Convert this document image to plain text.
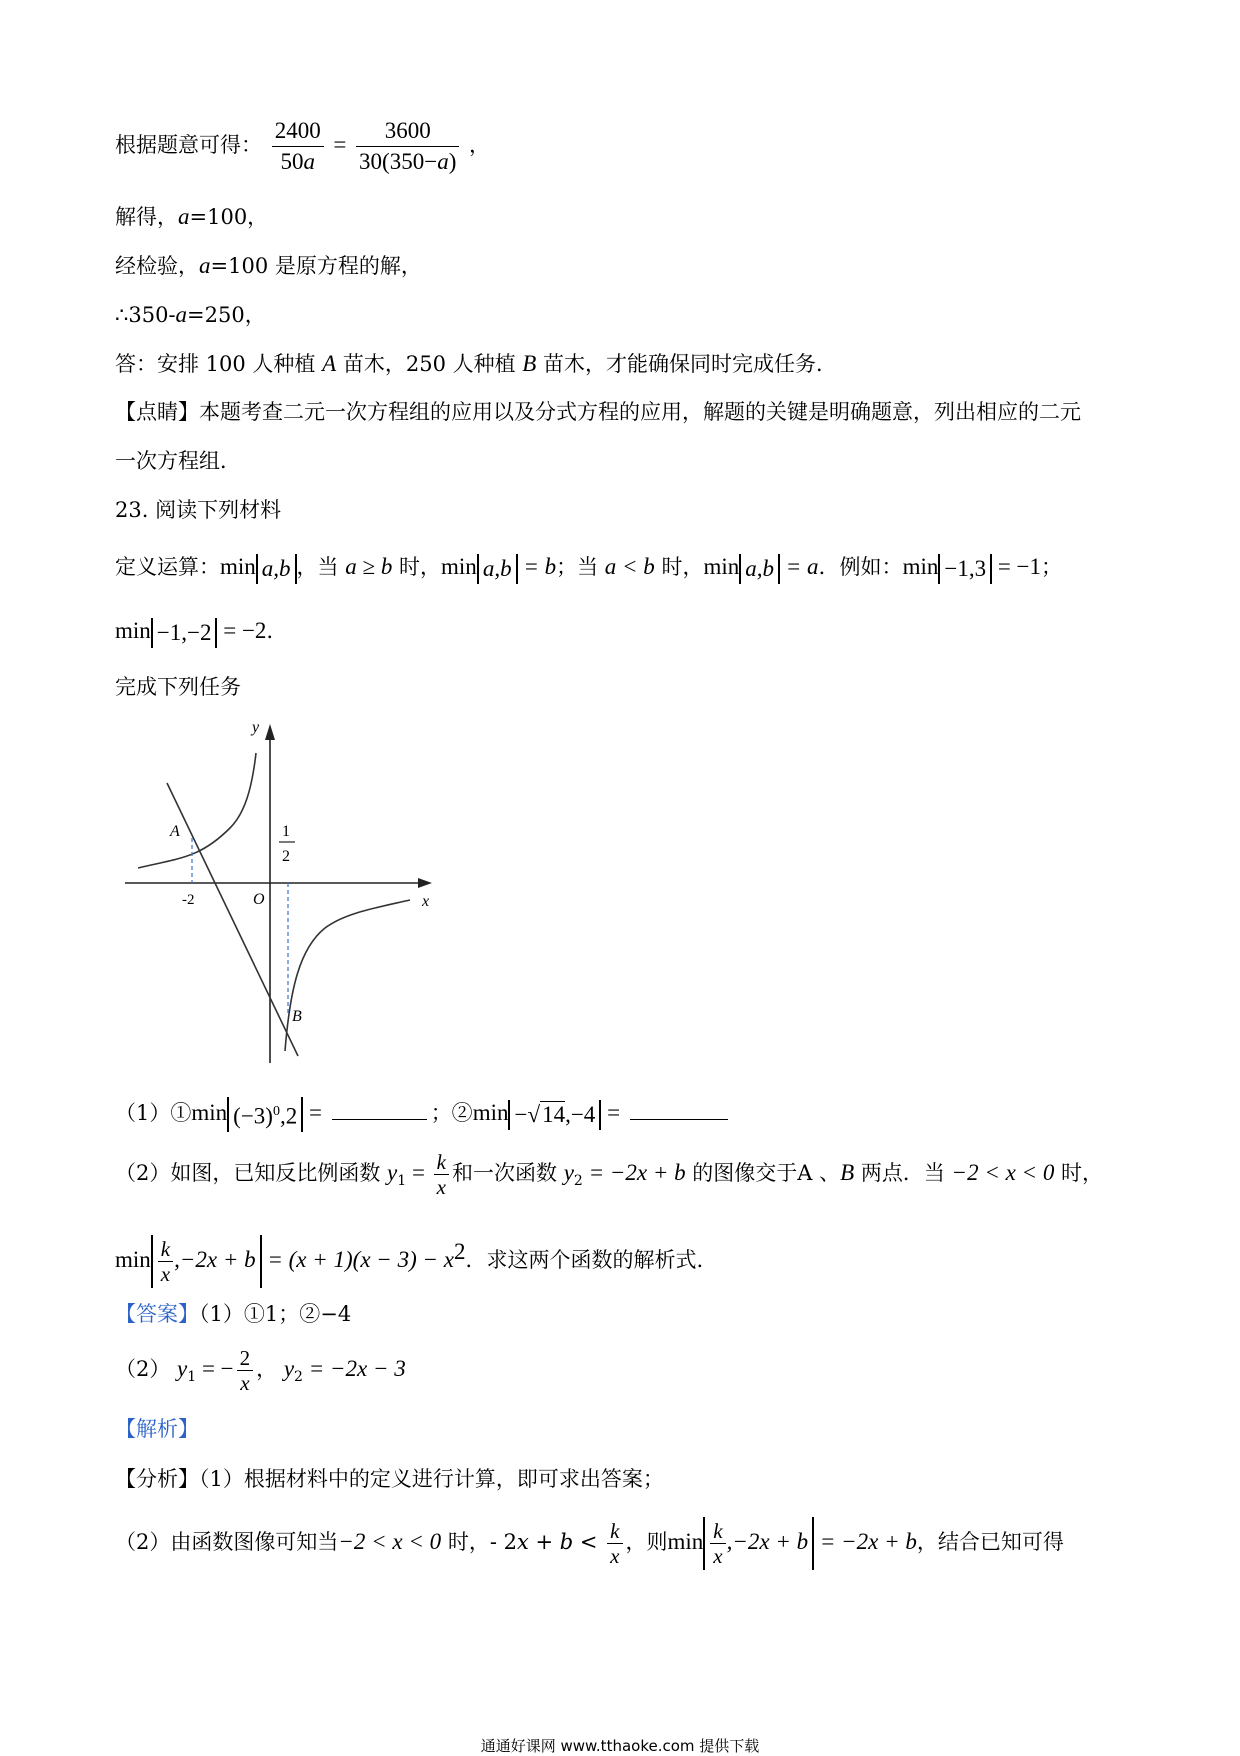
根据题意可得： $\frac{2400}{50a} = \frac{3600}{30(350-a)}$ ，
解得，a=100，
经检验，a=100 是原方程的解，
∴350-a=250，
答：安排 100 人种植 A 苗木，250 人种植 B 苗木，才能确保同时完成任务．
【点睛】本题考查二元一次方程组的应用以及分式方程的应用，解题的关键是明确题意，列出相应的二元
一次方程组．
23. 阅读下列材料
定义运算：min a,b ，当 a ≥ b 时，min a,b = b；当 a < b 时，min a,b = a．例如：min −1,3 = −1；
min −1,−2 = −2．
完成下列任务
y
x
O
A
B
-2
1
2
（1）①min $(-3)^0,2$ =	；②min −√14,−4 =
（2）如图，已知反比例函数 $y_1 = \frac{k}{x}$ 和一次函数 $y_2 = -2x + b$ 的图像交于A 、B 两点．当 −2 < x < 0 时，
$\min \frac{k}{x} ,-2x + b = (x + 1)(x - 3) - x^2$．求这两个函数的解析式.
【答案】（1）①1；②−4
（2） $y_1$ = − $\frac{2}{x}$ ， $y_2 = -2x - 3$
【解析】
【分析】（1）根据材料中的定义进行计算，即可求出答案；
（2）由函数图像可知当−2 < x < 0 时，- $2x + b < \frac{k}{x}$ ，则$\min \frac{k}{x} ,-2x + b = -2x + b$，结合已知可得
通通好课网 www.tthaoke.com 提供下载
